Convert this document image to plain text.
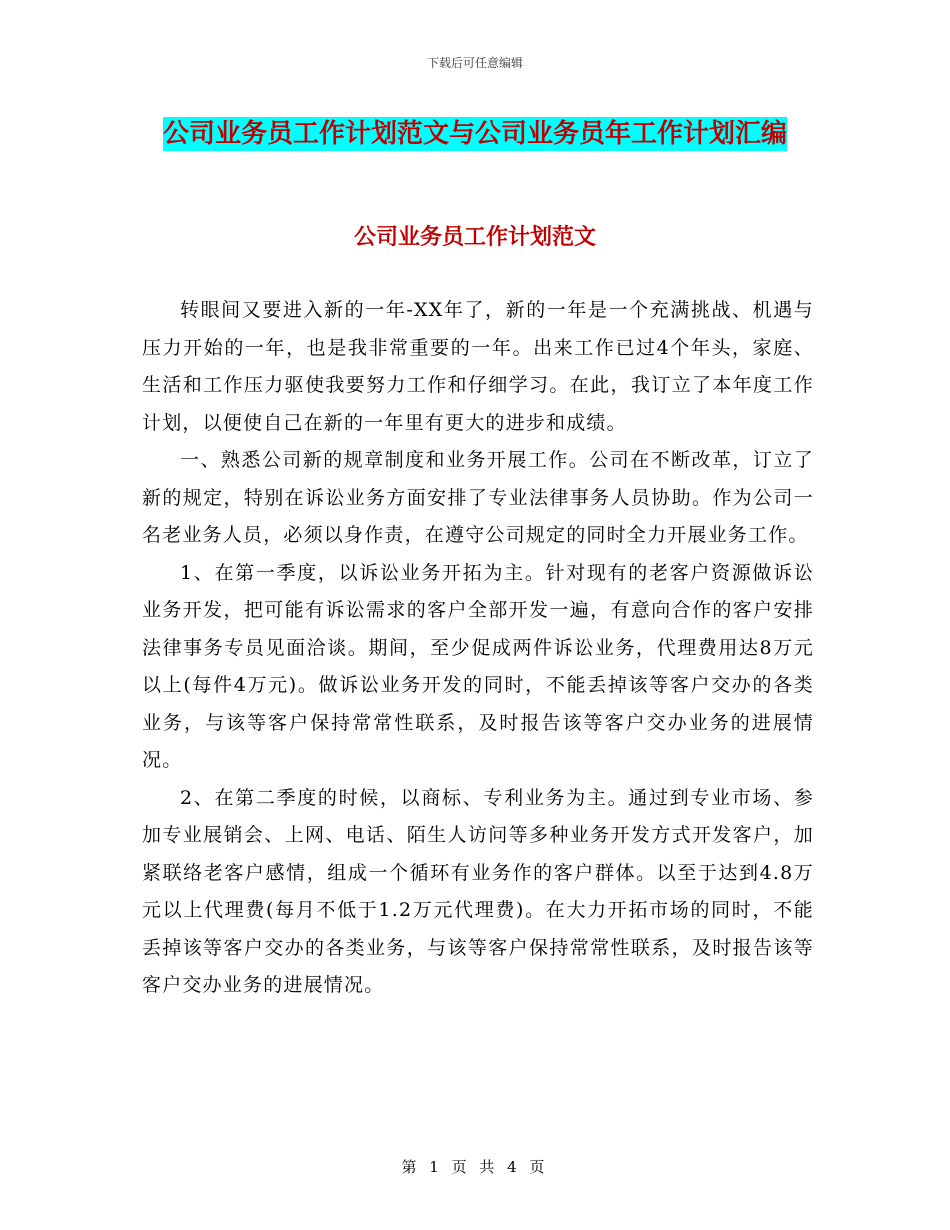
下载后可任意编辑
公司业务员工作计划范文与公司业务员年工作计划汇编
公司业务员工作计划范文

转眼间又要进入新的一年-XX年了，新的一年是一个充满挑战、机遇与压力开始的一年，也是我非常重要的一年。出来工作已过4个年头，家庭、生活和工作压力驱使我要努力工作和仔细学习。在此，我订立了本年度工作计划，以便使自己在新的一年里有更大的进步和成绩。

一、熟悉公司新的规章制度和业务开展工作。公司在不断改革，订立了新的规定，特别在诉讼业务方面安排了专业法律事务人员协助。作为公司一名老业务人员，必须以身作责，在遵守公司规定的同时全力开展业务工作。

1、在第一季度，以诉讼业务开拓为主。针对现有的老客户资源做诉讼业务开发，把可能有诉讼需求的客户全部开发一遍，有意向合作的客户安排法律事务专员见面洽谈。期间，至少促成两件诉讼业务，代理费用达8万元以上(每件4万元)。做诉讼业务开发的同时，不能丢掉该等客户交办的各类业务，与该等客户保持常常性联系，及时报告该等客户交办业务的进展情况。

2、在第二季度的时候，以商标、专利业务为主。通过到专业市场、参加专业展销会、上网、电话、陌生人访问等多种业务开发方式开发客户，加紧联络老客户感情，组成一个循环有业务作的客户群体。以至于达到4.8万元以上代理费(每月不低于1.2万元代理费)。在大力开拓市场的同时，不能丢掉该等客户交办的各类业务，与该等客户保持常常性联系，及时报告该等客户交办业务的进展情况。

第 1 页 共 4 页
